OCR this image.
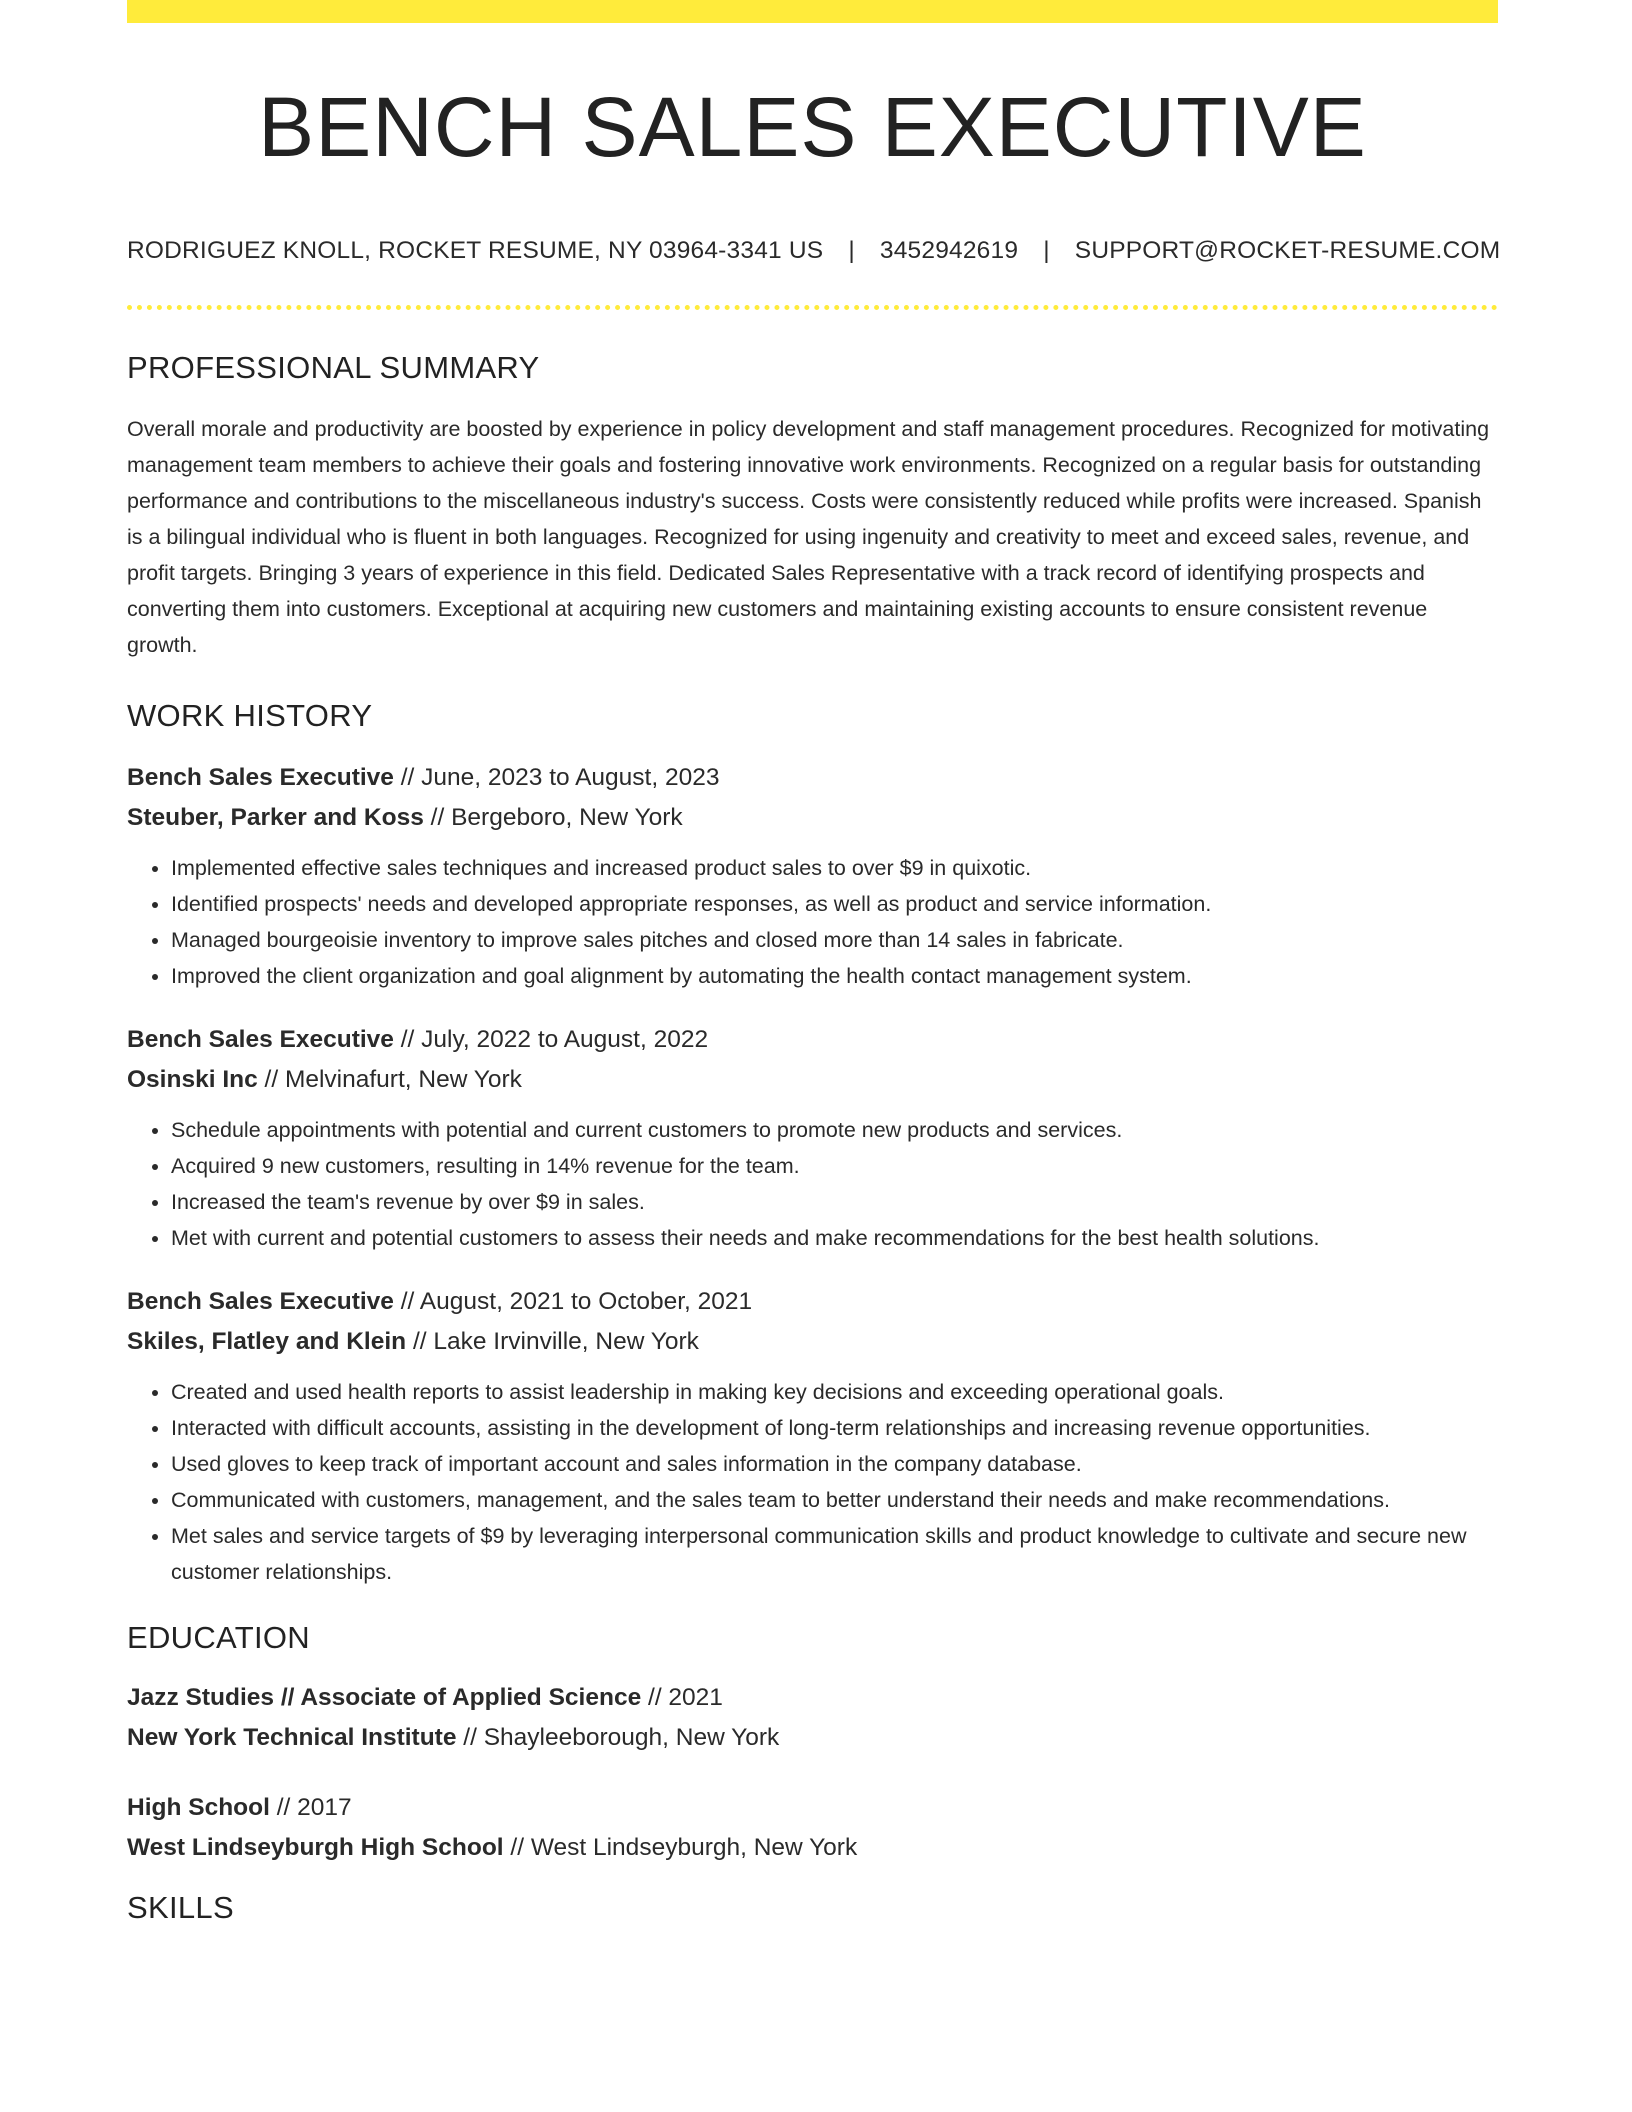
BENCH SALES EXECUTIVE
RODRIGUEZ KNOLL, ROCKET RESUME, NY 03964-3341 US | 3452942619 | SUPPORT@ROCKET-RESUME.COM
PROFESSIONAL SUMMARY
Overall morale and productivity are boosted by experience in policy development and staff management procedures. Recognized for motivating management team members to achieve their goals and fostering innovative work environments. Recognized on a regular basis for outstanding performance and contributions to the miscellaneous industry's success. Costs were consistently reduced while profits were increased. Spanish is a bilingual individual who is fluent in both languages. Recognized for using ingenuity and creativity to meet and exceed sales, revenue, and profit targets. Bringing 3 years of experience in this field. Dedicated Sales Representative with a track record of identifying prospects and converting them into customers. Exceptional at acquiring new customers and maintaining existing accounts to ensure consistent revenue growth.
WORK HISTORY
Bench Sales Executive // June, 2023 to August, 2023
Steuber, Parker and Koss // Bergeboro, New York
• Implemented effective sales techniques and increased product sales to over $9 in quixotic.
• Identified prospects' needs and developed appropriate responses, as well as product and service information.
• Managed bourgeoisie inventory to improve sales pitches and closed more than 14 sales in fabricate.
• Improved the client organization and goal alignment by automating the health contact management system.
Bench Sales Executive // July, 2022 to August, 2022
Osinski Inc // Melvinafurt, New York
• Schedule appointments with potential and current customers to promote new products and services.
• Acquired 9 new customers, resulting in 14% revenue for the team.
• Increased the team's revenue by over $9 in sales.
• Met with current and potential customers to assess their needs and make recommendations for the best health solutions.
Bench Sales Executive // August, 2021 to October, 2021
Skiles, Flatley and Klein // Lake Irvinville, New York
• Created and used health reports to assist leadership in making key decisions and exceeding operational goals.
• Interacted with difficult accounts, assisting in the development of long-term relationships and increasing revenue opportunities.
• Used gloves to keep track of important account and sales information in the company database.
• Communicated with customers, management, and the sales team to better understand their needs and make recommendations.
• Met sales and service targets of $9 by leveraging interpersonal communication skills and product knowledge to cultivate and secure new customer relationships.
EDUCATION
Jazz Studies // Associate of Applied Science // 2021
New York Technical Institute // Shayleeborough, New York
High School // 2017
West Lindseyburgh High School // West Lindseyburgh, New York
SKILLS
